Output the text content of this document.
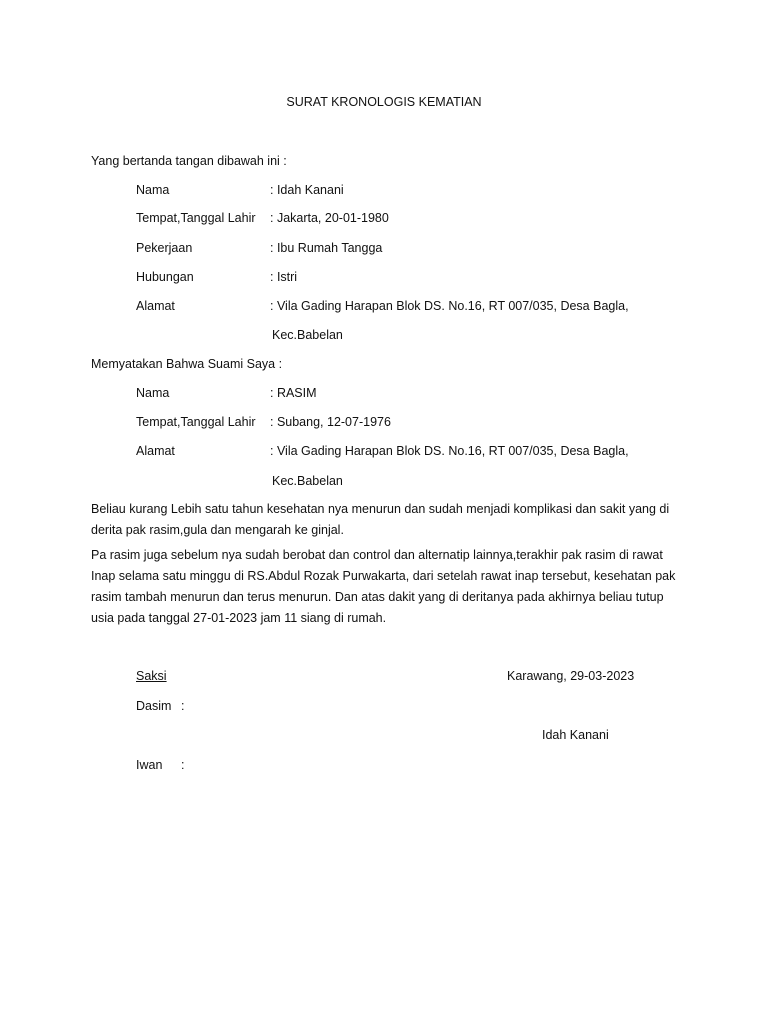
SURAT KRONOLOGIS KEMATIAN
Yang bertanda tangan dibawah ini :
Nama	: Idah Kanani
Tempat,Tanggal Lahir : Jakarta, 20-01-1980
Pekerjaan	: Ibu Rumah Tangga
Hubungan	: Istri
Alamat	: Vila Gading Harapan Blok DS. No.16, RT 007/035, Desa Bagla,
Kec.Babelan
Memyatakan Bahwa Suami Saya :
Nama	: RASIM
Tempat,Tanggal Lahir : Subang, 12-07-1976
Alamat	: Vila Gading Harapan Blok DS. No.16, RT 007/035, Desa Bagla,
Kec.Babelan
Beliau kurang Lebih satu tahun kesehatan nya menurun dan sudah menjadi komplikasi dan sakit yang di derita pak rasim,gula dan mengarah ke ginjal.
Pa rasim juga sebelum nya sudah berobat dan control dan alternatip lainnya,terakhir pak rasim di rawat Inap selama satu minggu di RS.Abdul Rozak Purwakarta, dari setelah rawat inap tersebut, kesehatan pak rasim tambah menurun dan terus menurun. Dan atas dakit yang di deritanya pada akhirnya beliau tutup usia pada tanggal 27-01-2023 jam 11 siang di rumah.
Saksi
Dasim :
Iwan :
Karawang, 29-03-2023
Idah Kanani
